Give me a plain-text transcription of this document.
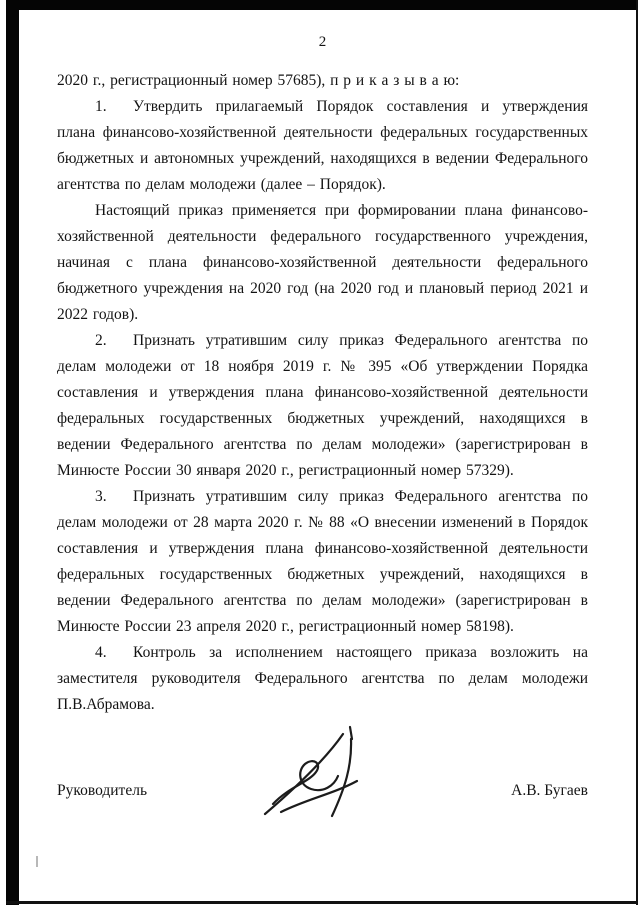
2

2020 г., регистрационный номер 57685), п р и к а з ы в а ю:

1. Утвердить прилагаемый Порядок составления и утверждения плана финансово-хозяйственной деятельности федеральных государственных бюджетных и автономных учреждений, находящихся в ведении Федерального агентства по делам молодежи (далее – Порядок).

Настоящий приказ применяется при формировании плана финансово-хозяйственной деятельности федерального государственного учреждения, начиная с плана финансово-хозяйственной деятельности федерального бюджетного учреждения на 2020 год (на 2020 год и плановый период 2021 и 2022 годов).

2. Признать утратившим силу приказ Федерального агентства по делам молодежи от 18 ноября 2019 г. № 395 «Об утверждении Порядка составления и утверждения плана финансово-хозяйственной деятельности федеральных государственных бюджетных учреждений, находящихся в ведении Федерального агентства по делам молодежи» (зарегистрирован в Минюсте России 30 января 2020 г., регистрационный номер 57329).

3. Признать утратившим силу приказ Федерального агентства по делам молодежи от 28 марта 2020 г. № 88 «О внесении изменений в Порядок составления и утверждения плана финансово-хозяйственной деятельности федеральных государственных бюджетных учреждений, находящихся в ведении Федерального агентства по делам молодежи» (зарегистрирован в Минюсте России 23 апреля 2020 г., регистрационный номер 58198).

4. Контроль за исполнением настоящего приказа возложить на заместителя руководителя Федерального агентства по делам молодежи П.В.Абрамова.

Руководитель	А.В. Бугаев
